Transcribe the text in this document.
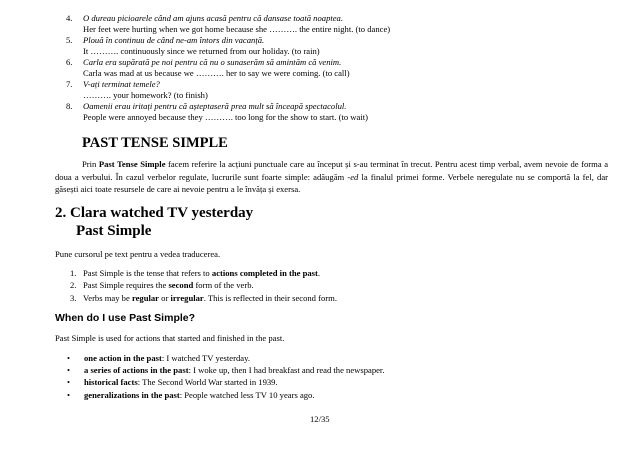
4. O dureau picioarele când am ajuns acasă pentru că dansase toată noaptea.
Her feet were hurting when we got home because she ………. the entire night. (to dance)
5. Plouă în continuu de când ne-am întors din vacanță.
It ………. continuously since we returned from our holiday. (to rain)
6. Carla era supărată pe noi pentru că nu o sunaserăm să amintăm că venim.
Carla was mad at us because we ………. her to say we were coming. (to call)
7. V-ați terminat temele?
………. your homework? (to finish)
8. Oamenii erau iritați pentru că așteptaseră prea mult să înceapă spectacolul.
People were annoyed because they ………. too long for the show to start. (to wait)
PAST TENSE SIMPLE
Prin Past Tense Simple facem referire la acțiuni punctuale care au început și s-au terminat în trecut. Pentru acest timp verbal, avem nevoie de forma a doua a verbului. În cazul verbelor regulate, lucrurile sunt foarte simple: adăugăm -ed la finalul primei forme. Verbele neregulate nu se comportă la fel, dar găsești aici toate resursele de care ai nevoie pentru a le învăța și exersa.
2. Clara watched TV yesterday
Past Simple
Pune cursorul pe text pentru a vedea traducerea.
1. Past Simple is the tense that refers to actions completed in the past.
2. Past Simple requires the second form of the verb.
3. Verbs may be regular or irregular. This is reflected in their second form.
When do I use Past Simple?
Past Simple is used for actions that started and finished in the past.
• one action in the past: I watched TV yesterday.
• a series of actions in the past: I woke up, then I had breakfast and read the newspaper.
• historical facts: The Second World War started in 1939.
• generalizations in the past: People watched less TV 10 years ago.
12/35
